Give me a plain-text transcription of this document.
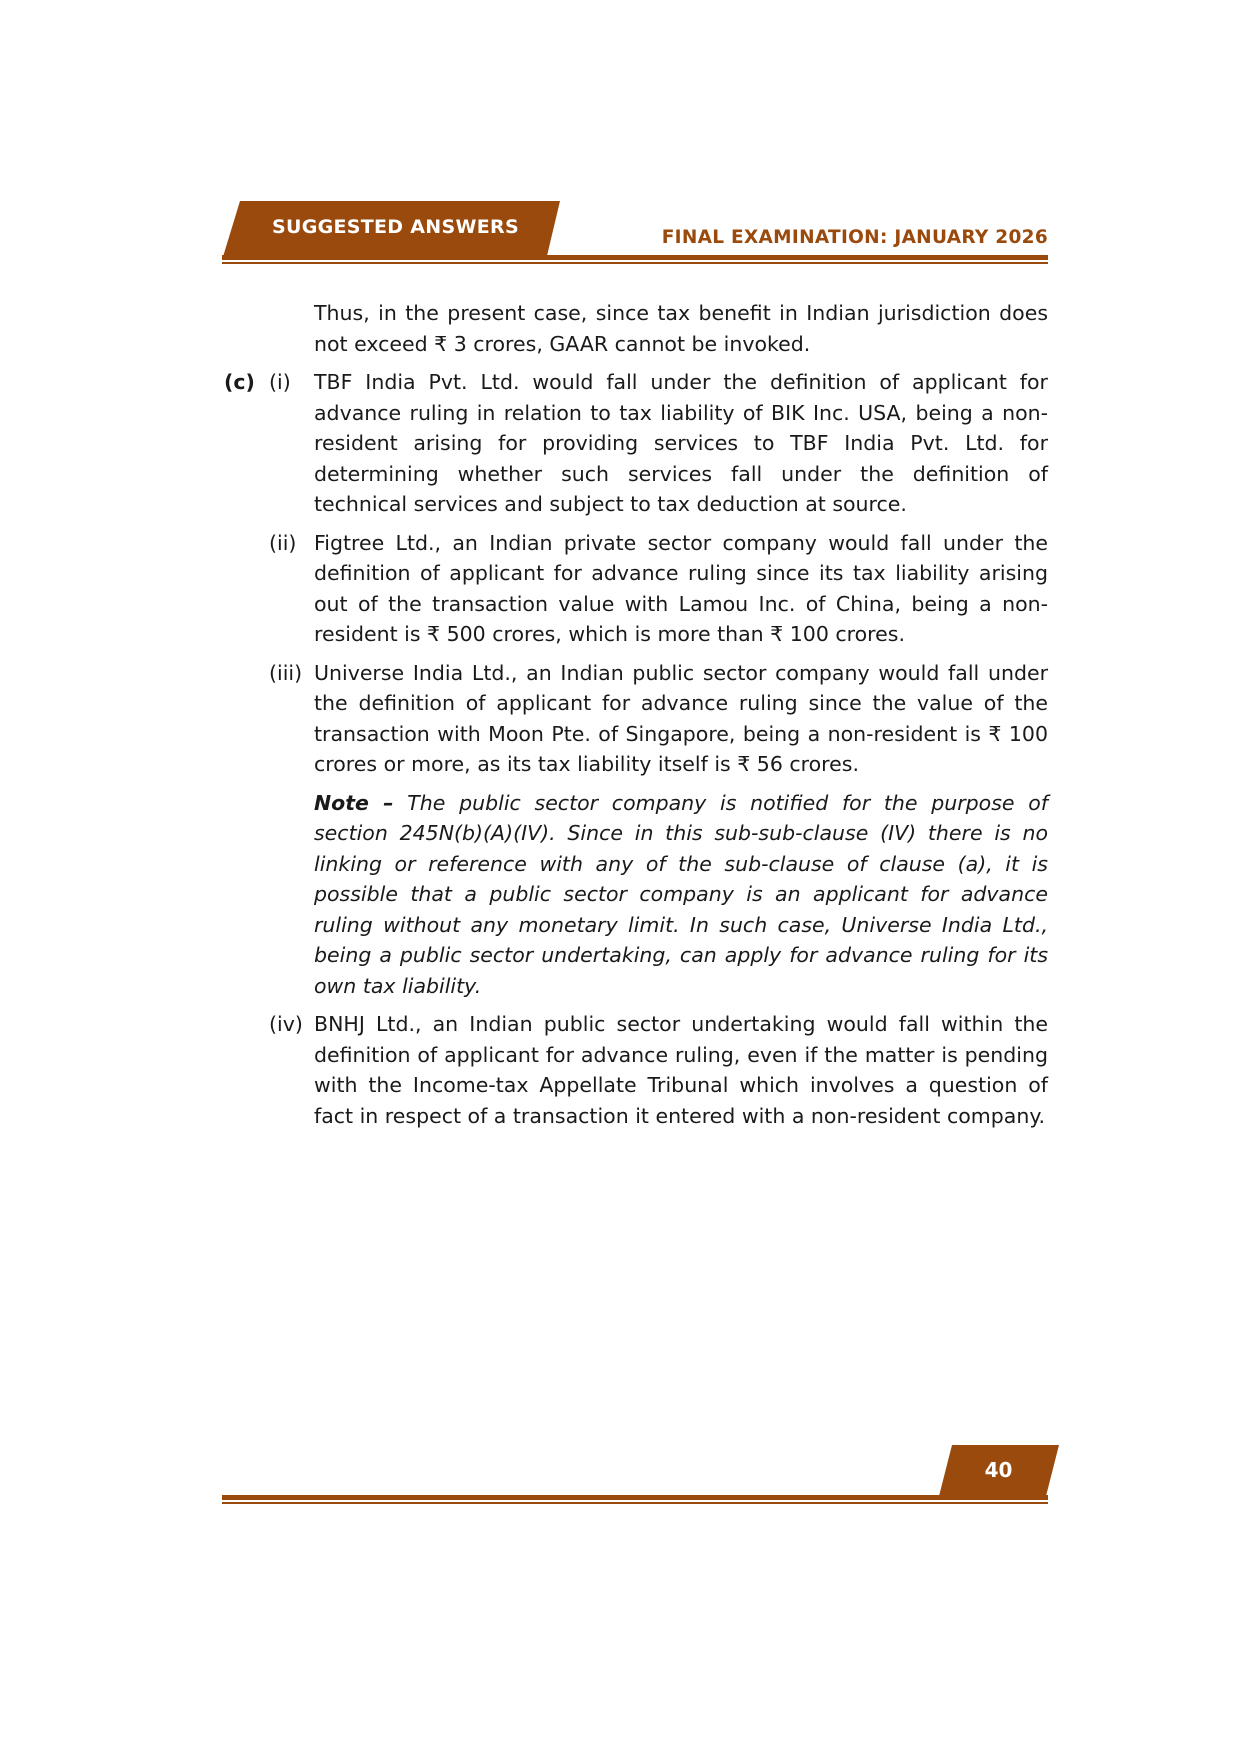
SUGGESTED ANSWERS	FINAL EXAMINATION: JANUARY 2026

Thus, in the present case, since tax benefit in Indian jurisdiction does not exceed ₹ 3 crores, GAAR cannot be invoked.

(c) (i) TBF India Pvt. Ltd. would fall under the definition of applicant for advance ruling in relation to tax liability of BIK Inc. USA, being a non-resident arising for providing services to TBF India Pvt. Ltd. for determining whether such services fall under the definition of technical services and subject to tax deduction at source.

(ii) Figtree Ltd., an Indian private sector company would fall under the definition of applicant for advance ruling since its tax liability arising out of the transaction value with Lamou Inc. of China, being a non-resident is ₹ 500 crores, which is more than ₹ 100 crores.

(iii) Universe India Ltd., an Indian public sector company would fall under the definition of applicant for advance ruling since the value of the transaction with Moon Pte. of Singapore, being a non-resident is ₹ 100 crores or more, as its tax liability itself is ₹ 56 crores.

Note – The public sector company is notified for the purpose of section 245N(b)(A)(IV). Since in this sub-sub-clause (IV) there is no linking or reference with any of the sub-clause of clause (a), it is possible that a public sector company is an applicant for advance ruling without any monetary limit. In such case, Universe India Ltd., being a public sector undertaking, can apply for advance ruling for its own tax liability.

(iv) BNHJ Ltd., an Indian public sector undertaking would fall within the definition of applicant for advance ruling, even if the matter is pending with the Income-tax Appellate Tribunal which involves a question of fact in respect of a transaction it entered with a non-resident company.

40
